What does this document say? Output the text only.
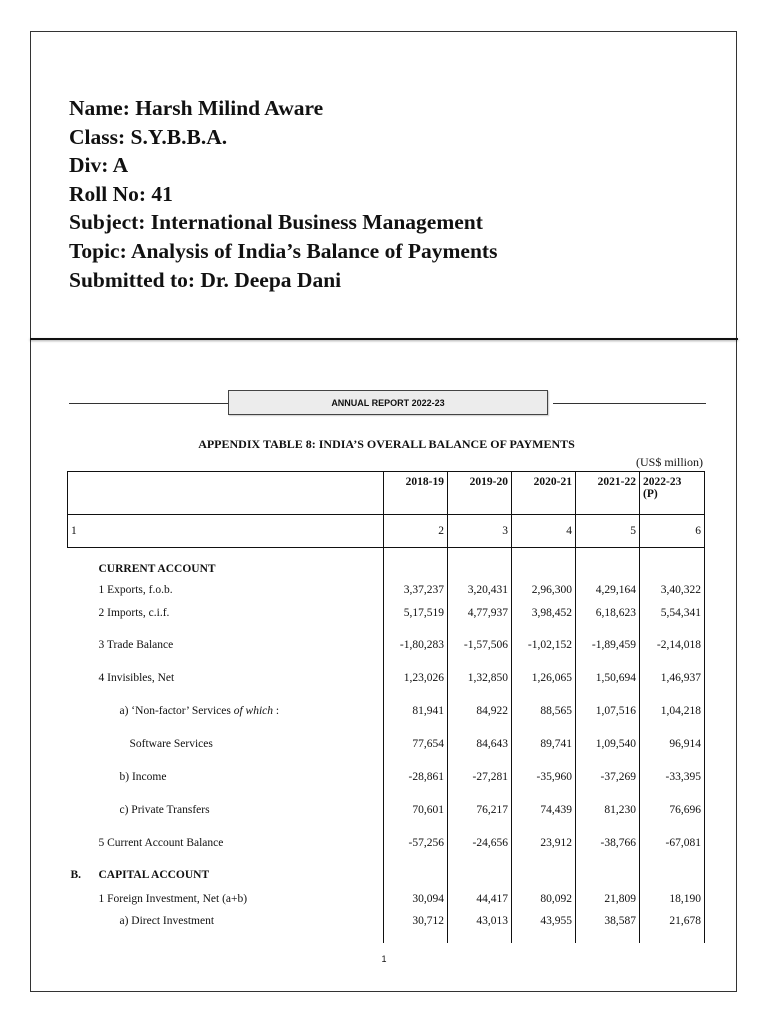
Name: Harsh Milind Aware
Class: S.Y.B.B.A.
Div: A
Roll No: 41
Subject: International Business Management
Topic: Analysis of India’s Balance of Payments
Submitted to: Dr. Deepa Dani
ANNUAL REPORT 2022-23
APPENDIX TABLE 8: INDIA’S OVERALL BALANCE OF PAYMENTS
(US$ million)
	2018-19	2019-20	2020-21	2021-22	2022-23
(P)
1	2	3	4	5	6

CURRENT ACCOUNT					
1 Exports, f.o.b.	3,37,237	3,20,431	2,96,300	4,29,164	3,40,322
2 Imports, c.i.f.	5,17,519	4,77,937	3,98,452	6,18,623	5,54,341
3 Trade Balance	-1,80,283	-1,57,506	-1,02,152	-1,89,459	-2,14,018
4 Invisibles, Net	1,23,026	1,32,850	1,26,065	1,50,694	1,46,937
a) ‘Non-factor’ Services of which :	81,941	84,922	88,565	1,07,516	1,04,218
Software Services	77,654	84,643	89,741	1,09,540	96,914
b) Income	-28,861	-27,281	-35,960	-37,269	-33,395
c) Private Transfers	70,601	76,217	74,439	81,230	76,696
5 Current Account Balance	-57,256	-24,656	23,912	-38,766	-67,081
B. CAPITAL ACCOUNT					
1 Foreign Investment, Net (a+b)	30,094	44,417	80,092	21,809	18,190
a) Direct Investment	30,712	43,013	43,955	38,587	21,678

1
